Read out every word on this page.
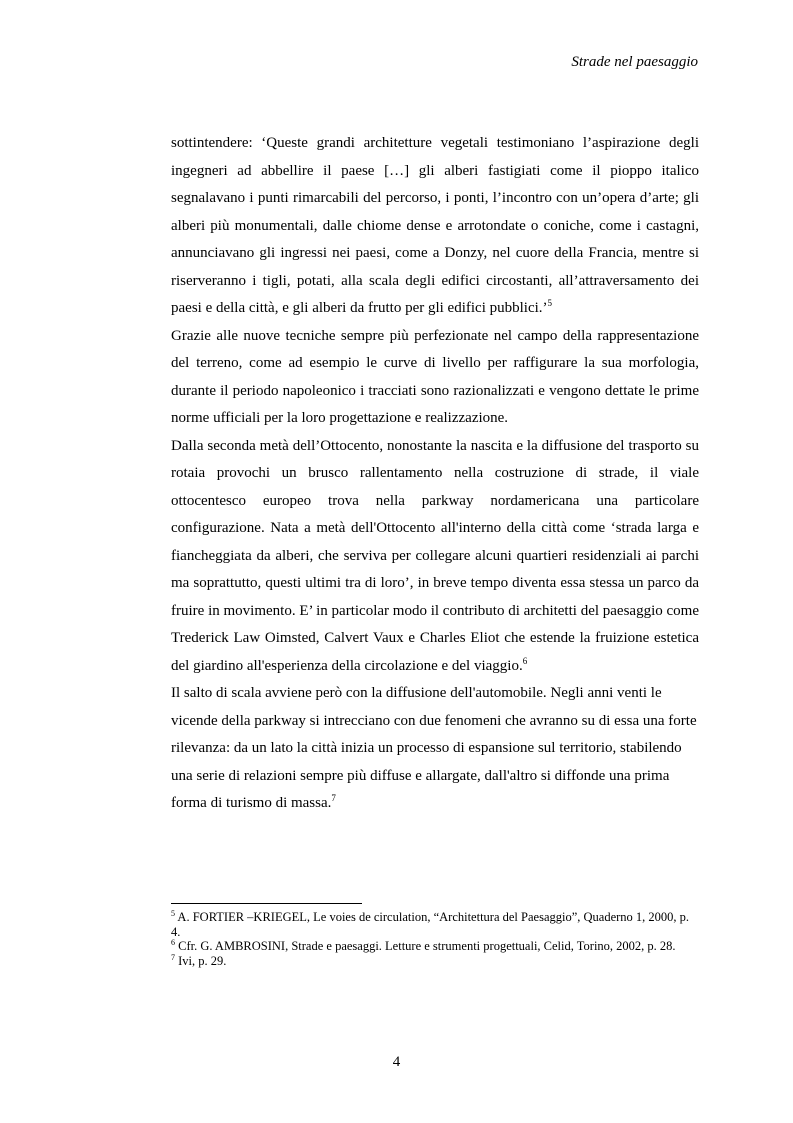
Strade nel paesaggio

sottintendere: ‘Queste grandi architetture vegetali testimoniano l’aspirazione degli ingegneri ad abbellire il paese […] gli alberi fastigiati come il pioppo italico segnalavano i punti rimarcabili del percorso, i ponti, l’incontro con un’opera d’arte; gli alberi più monumentali, dalle chiome dense e arrotondate o coniche, come i castagni, annunciavano gli ingressi nei paesi, come a Donzy, nel cuore della Francia, mentre si riserveranno i tigli, potati, alla scala degli edifici circostanti, all’attraversamento dei paesi e della città, e gli alberi da frutto per gli edifici pubblici.’$^5$

Grazie alle nuove tecniche sempre più perfezionate nel campo della rappresentazione del terreno, come ad esempio le curve di livello per raffigurare la sua morfologia, durante il periodo napoleonico i tracciati sono razionalizzati e vengono dettate le prime norme ufficiali per la loro progettazione e realizzazione.

Dalla seconda metà dell’Ottocento, nonostante la nascita e la diffusione del trasporto su rotaia provochi un brusco rallentamento nella costruzione di strade, il viale ottocentesco europeo trova nella parkway nordamericana una particolare configurazione. Nata a metà dell'Ottocento all'interno della città come ‘strada larga e fiancheggiata da alberi, che serviva per collegare alcuni quartieri residenziali ai parchi ma soprattutto, questi ultimi tra di loro’, in breve tempo diventa essa stessa un parco da fruire in movimento. E’ in particolar modo il contributo di architetti del paesaggio come Trederick Law Oimsted, Calvert Vaux e Charles Eliot che estende la fruizione estetica del giardino all'esperienza della circolazione e del viaggio.$^6$

Il salto di scala avviene però con la diffusione dell'automobile. Negli anni venti le vicende della parkway si intrecciano con due fenomeni che avranno su di essa una forte rilevanza: da un lato la città inizia un processo di espansione sul territorio, stabilendo una serie di relazioni sempre più diffuse e allargate, dall'altro si diffonde una prima forma di turismo di massa.$^7$

$^5$ A. FORTIER –KRIEGEL, Le voies de circulation, “Architettura del Paesaggio”, Quaderno 1, 2000, p. 4.

$^6$ Cfr. G. AMBROSINI, Strade e paesaggi. Letture e strumenti progettuali, Celid, Torino, 2002, p. 28.

$^7$ Ivi, p. 29.

4
